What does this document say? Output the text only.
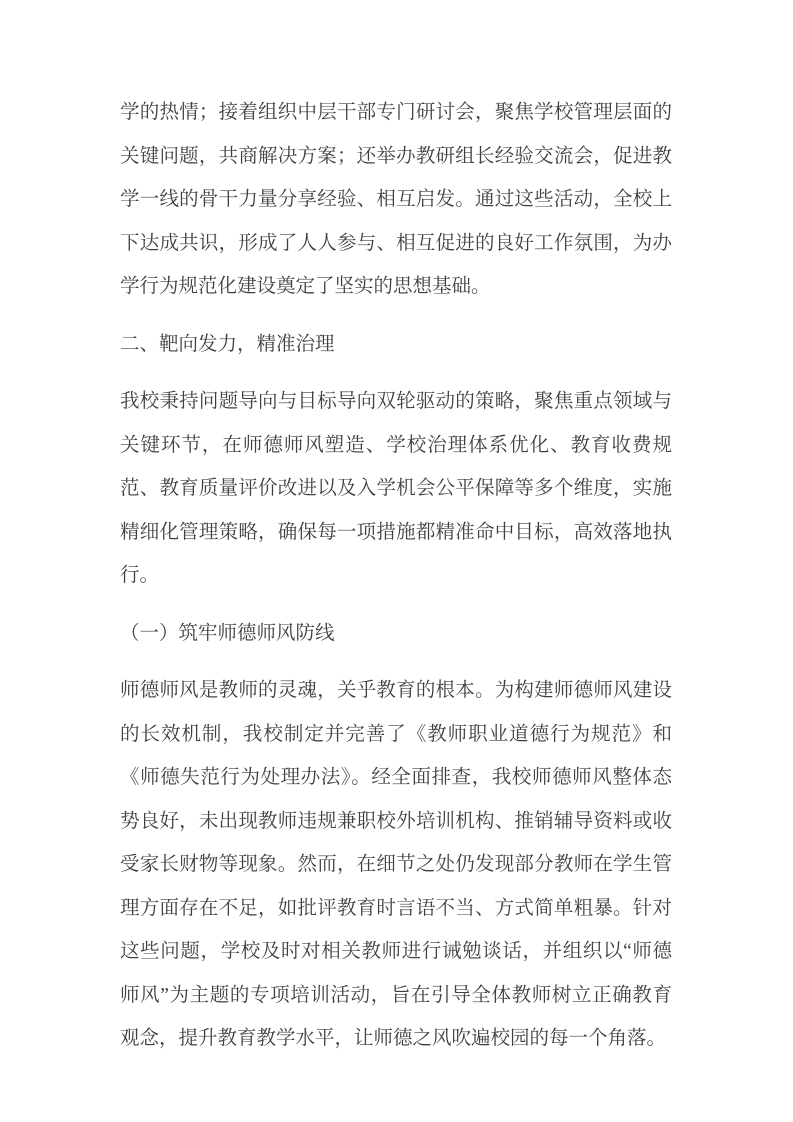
学的热情；接着组织中层干部专门研讨会，聚焦学校管理层面的关键问题，共商解决方案；还举办教研组长经验交流会，促进教学一线的骨干力量分享经验、相互启发。通过这些活动，全校上下达成共识，形成了人人参与、相互促进的良好工作氛围，为办学行为规范化建设奠定了坚实的思想基础。

二、靶向发力，精准治理

我校秉持问题导向与目标导向双轮驱动的策略，聚焦重点领域与关键环节，在师德师风塑造、学校治理体系优化、教育收费规范、教育质量评价改进以及入学机会公平保障等多个维度，实施精细化管理策略，确保每一项措施都精准命中目标，高效落地执行。

（一）筑牢师德师风防线

师德师风是教师的灵魂，关乎教育的根本。为构建师德师风建设的长效机制，我校制定并完善了《教师职业道德行为规范》和《师德失范行为处理办法》。经全面排查，我校师德师风整体态势良好，未出现教师违规兼职校外培训机构、推销辅导资料或收受家长财物等现象。然而，在细节之处仍发现部分教师在学生管理方面存在不足，如批评教育时言语不当、方式简单粗暴。针对这些问题，学校及时对相关教师进行诫勉谈话，并组织以“师德师风”为主题的专项培训活动，旨在引导全体教师树立正确教育观念，提升教育教学水平，让师德之风吹遍校园的每一个角落。
